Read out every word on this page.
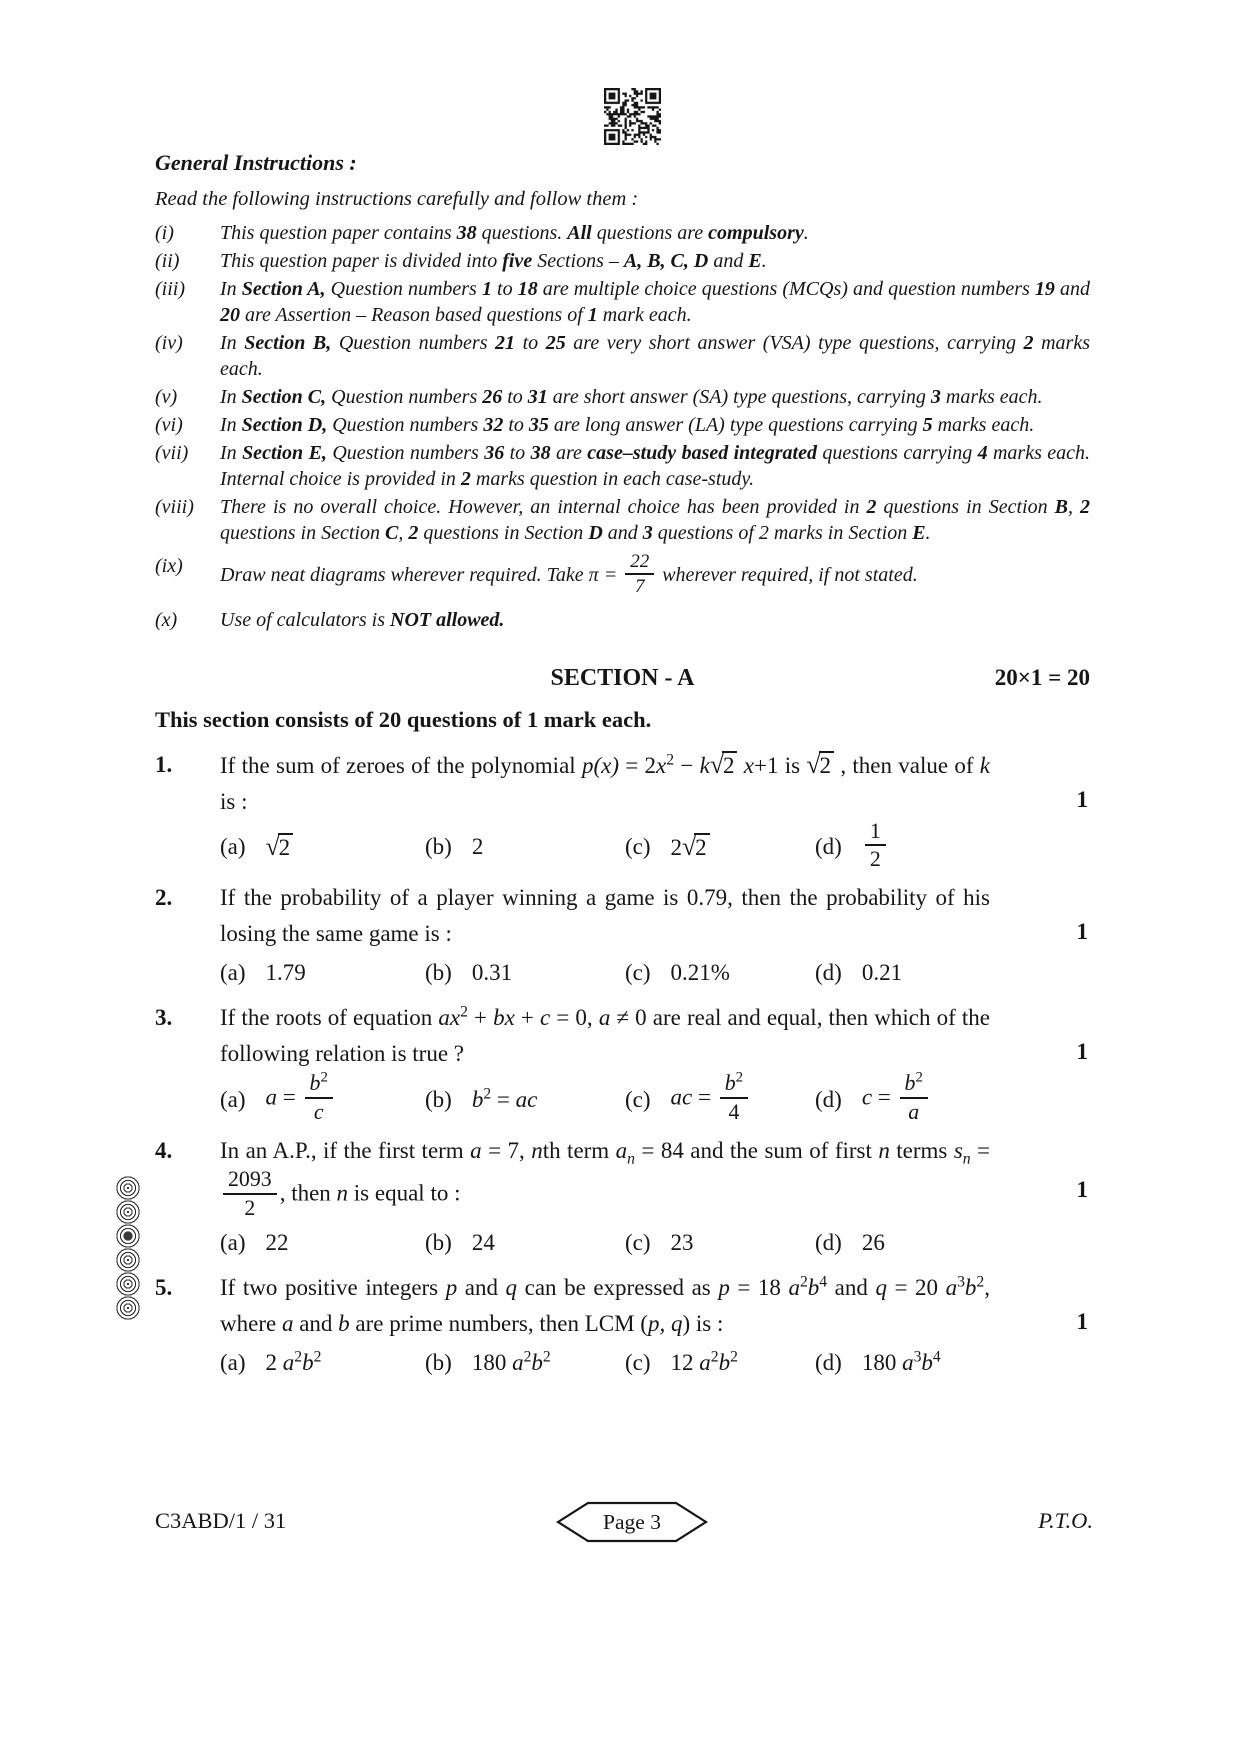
General Instructions :
Read the following instructions carefully and follow them :
(i)	This question paper contains 38 questions. All questions are compulsory.
(ii)	This question paper is divided into five Sections – A, B, C, D and E.
(iii)	In Section A, Question numbers 1 to 18 are multiple choice questions (MCQs) and question numbers 19 and 20 are Assertion – Reason based questions of 1 mark each.
(iv)	In Section B, Question numbers 21 to 25 are very short answer (VSA) type questions, carrying 2 marks each.
(v)	In Section C, Question numbers 26 to 31 are short answer (SA) type questions, carrying 3 marks each.
(vi)	In Section D, Question numbers 32 to 35 are long answer (LA) type questions carrying 5 marks each.
(vii)	In Section E, Question numbers 36 to 38 are case–study based integrated questions carrying 4 marks each. Internal choice is provided in 2 marks question in each case-study.
(viii)	There is no overall choice. However, an internal choice has been provided in 2 questions in Section B, 2 questions in Section C, 2 questions in Section D and 3 questions of 2 marks in Section E.
(ix)	Draw neat diagrams wherever required. Take $\pi = \frac{22}{7}$ wherever required, if not stated.
(x)	Use of calculators is NOT allowed.
SECTION - A	20×1 = 20
This section consists of 20 questions of 1 mark each.
1.	If the sum of zeroes of the polynomial $p(x) = 2x^2 - k√2$ x+1 is √2 , then value of k is :	1
(a) √2	(b) 2	(c) 2√2	$(d) \frac{1}{2}$
2.	If the probability of a player winning a game is 0.79, then the probability of his losing the same game is :	1
(a) 1.79	(b) 0.31	(c) 0.21%	(d) 0.21
3.	If the roots of equation $ax^2$ + bx + c = 0, a ≠ 0 are real and equal, then which of the following relation is true ?	1
(a) $a = \frac{b^2}{c}$	(b) $b^2$ = ac	(c) ac = $\frac{b^2}{4}$	(d) $c = \frac{b^2}{a}$
4.	In an A.P., if the first term a = 7, nth term $a_n = 84$ and the sum of first n terms $s_n$ =
$\frac{2093}{2}$ , then n is equal to :	1
(a) 22	(b) 24	(c) 23	(d) 26
5.	If two positive integers p and q can be expressed as p = 18 $a^2b^4$ and q = 20 $a^3b^2$, where a and b are prime numbers, then LCM (p, q) is :	1
(a) 2 $a^2b^2$	(b) 180 $a^2b^2$	(c) 12 $a^2b^2$	(d) 180 $a^3b^4$
C3ABD/1 / 31	Page 3	P.T.O.
